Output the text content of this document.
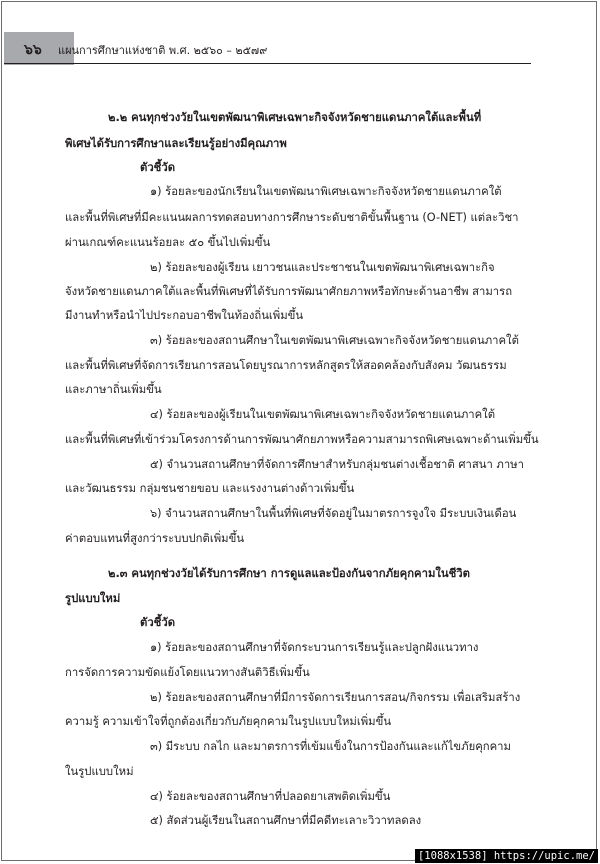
๖๖ แผนการศึกษาแห่งชาติ พ.ศ. ๒๕๖๐ – ๒๕๗๙
๒.๒ คนทุกช่วงวัยในเขตพัฒนาพิเศษเฉพาะกิจจังหวัดชายแดนภาคใต้และพื้นที่
พิเศษได้รับการศึกษาและเรียนรู้อย่างมีคุณภาพ
ตัวชี้วัด
๑) ร้อยละของนักเรียนในเขตพัฒนาพิเศษเฉพาะกิจจังหวัดชายแดนภาคใต้
และพื้นที่พิเศษที่มีคะแนนผลการทดสอบทางการศึกษาระดับชาติขั้นพื้นฐาน (O-NET) แต่ละวิชา
ผ่านเกณฑ์คะแนนร้อยละ ๕๐ ขึ้นไปเพิ่มขึ้น
๒) ร้อยละของผู้เรียน เยาวชนและประชาชนในเขตพัฒนาพิเศษเฉพาะกิจ
จังหวัดชายแดนภาคใต้และพื้นที่พิเศษที่ได้รับการพัฒนาศักยภาพหรือทักษะด้านอาชีพ สามารถ
มีงานทำหรือนำไปประกอบอาชีพในท้องถิ่นเพิ่มขึ้น
๓) ร้อยละของสถานศึกษาในเขตพัฒนาพิเศษเฉพาะกิจจังหวัดชายแดนภาคใต้
และพื้นที่พิเศษที่จัดการเรียนการสอนโดยบูรณาการหลักสูตรให้สอดคล้องกับสังคม วัฒนธรรม
และภาษาถิ่นเพิ่มขึ้น
๔) ร้อยละของผู้เรียนในเขตพัฒนาพิเศษเฉพาะกิจจังหวัดชายแดนภาคใต้
และพื้นที่พิเศษที่เข้าร่วมโครงการด้านการพัฒนาศักยภาพหรือความสามารถพิเศษเฉพาะด้านเพิ่มขึ้น
๕) จำนวนสถานศึกษาที่จัดการศึกษาสำหรับกลุ่มชนต่างเชื้อชาติ ศาสนา ภาษา
และวัฒนธรรม กลุ่มชนชายขอบ และแรงงานต่างด้าวเพิ่มขึ้น
๖) จำนวนสถานศึกษาในพื้นที่พิเศษที่จัดอยู่ในมาตรการจูงใจ มีระบบเงินเดือน
ค่าตอบแทนที่สูงกว่าระบบปกติเพิ่มขึ้น
๒.๓ คนทุกช่วงวัยได้รับการศึกษา การดูแลและป้องกันจากภัยคุกคามในชีวิต
รูปแบบใหม่
ตัวชี้วัด
๑) ร้อยละของสถานศึกษาที่จัดกระบวนการเรียนรู้และปลูกฝังแนวทาง
การจัดการความขัดแย้งโดยแนวทางสันติวิธีเพิ่มขึ้น
๒) ร้อยละของสถานศึกษาที่มีการจัดการเรียนการสอน/กิจกรรม เพื่อเสริมสร้าง
ความรู้ ความเข้าใจที่ถูกต้องเกี่ยวกับภัยคุกคามในรูปแบบใหม่เพิ่มขึ้น
๓) มีระบบ กลไก และมาตรการที่เข้มแข็งในการป้องกันและแก้ไขภัยคุกคาม
ในรูปแบบใหม่
๔) ร้อยละของสถานศึกษาที่ปลอดยาเสพติดเพิ่มขึ้น
๕) สัดส่วนผู้เรียนในสถานศึกษาที่มีคดีทะเลาะวิวาทลดลง
[1088x1538] https://upic.me/
